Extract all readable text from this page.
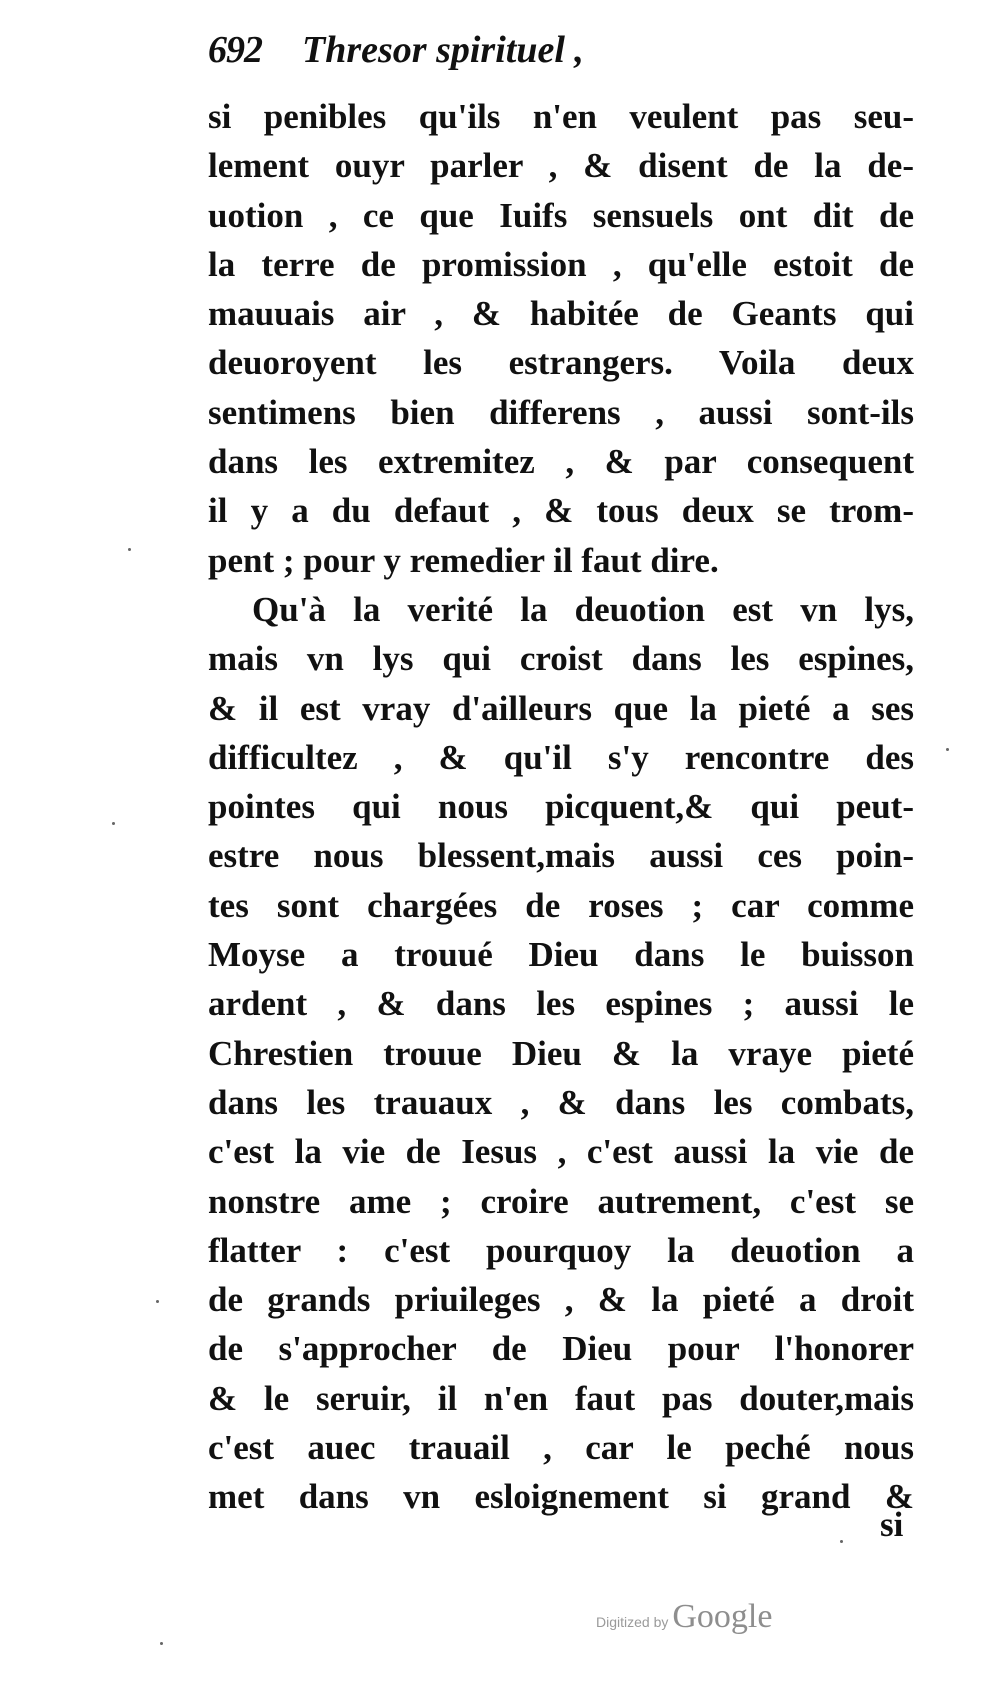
692 Thresor spirituel ,
si penibles qu'ils n'en veulent pas seu-
lement ouyr parler , & disent de la de-
uotion , ce que Iuifs sensuels ont dit de
la terre de promission , qu'elle estoit de
mauuais air , & habitée de Geants qui
deuoroyent les estrangers. Voila deux
sentimens bien differens , aussi sont-ils
dans les extremitez , & par consequent
il y a du defaut , & tous deux se trom-
pent ; pour y remedier il faut dire.
Qu'à la verité la deuotion est vn lys,
mais vn lys qui croist dans les espines,
& il est vray d'ailleurs que la pieté a ses
difficultez , & qu'il s'y rencontre des
pointes qui nous picquent,& qui peut-
estre nous blessent,mais aussi ces poin-
tes sont chargées de roses ; car comme
Moyse a trouué Dieu dans le buisson
ardent , & dans les espines ; aussi le
Chrestien trouue Dieu & la vraye pieté
dans les trauaux , & dans les combats,
c'est la vie de Iesus , c'est aussi la vie de
nonstre ame ; croire autrement, c'est se
flatter : c'est pourquoy la deuotion a
de grands priuileges , & la pieté a droit
de s'approcher de Dieu pour l'honorer
& le seruir, il n'en faut pas douter,mais
c'est auec trauail , car le peché nous
met dans vn esloignement si grand &
si
Digitized by Google
